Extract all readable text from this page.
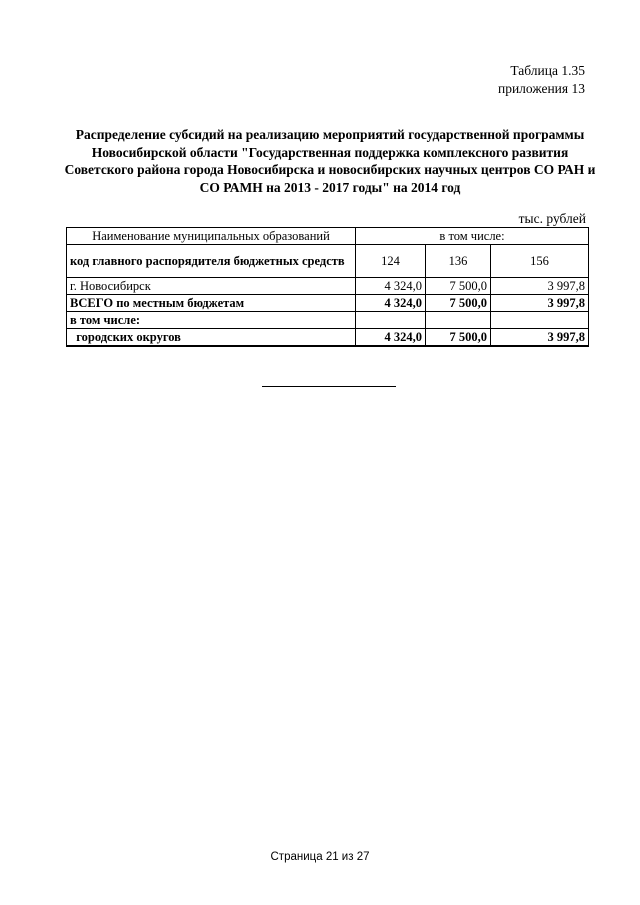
Таблица 1.35
приложения 13
Распределение субсидий на реализацию мероприятий государственной программы
Новосибирской области "Государственная поддержка комплексного развития
Советского района города Новосибирска и новосибирских научных центров СО РАН и
СО РАМН на 2013 - 2017 годы" на 2014 год
тыс. рублей
Наименование муниципальных образований	в том числе:		
код главного распорядителя бюджетных средств	124	136	156
г. Новосибирск	4 324,0	7 500,0	3 997,8
ВСЕГО по местным бюджетам	4 324,0	7 500,0	3 997,8
в том числе:			
городских округов	4 324,0	7 500,0	3 997,8
Страница 21 из 27
